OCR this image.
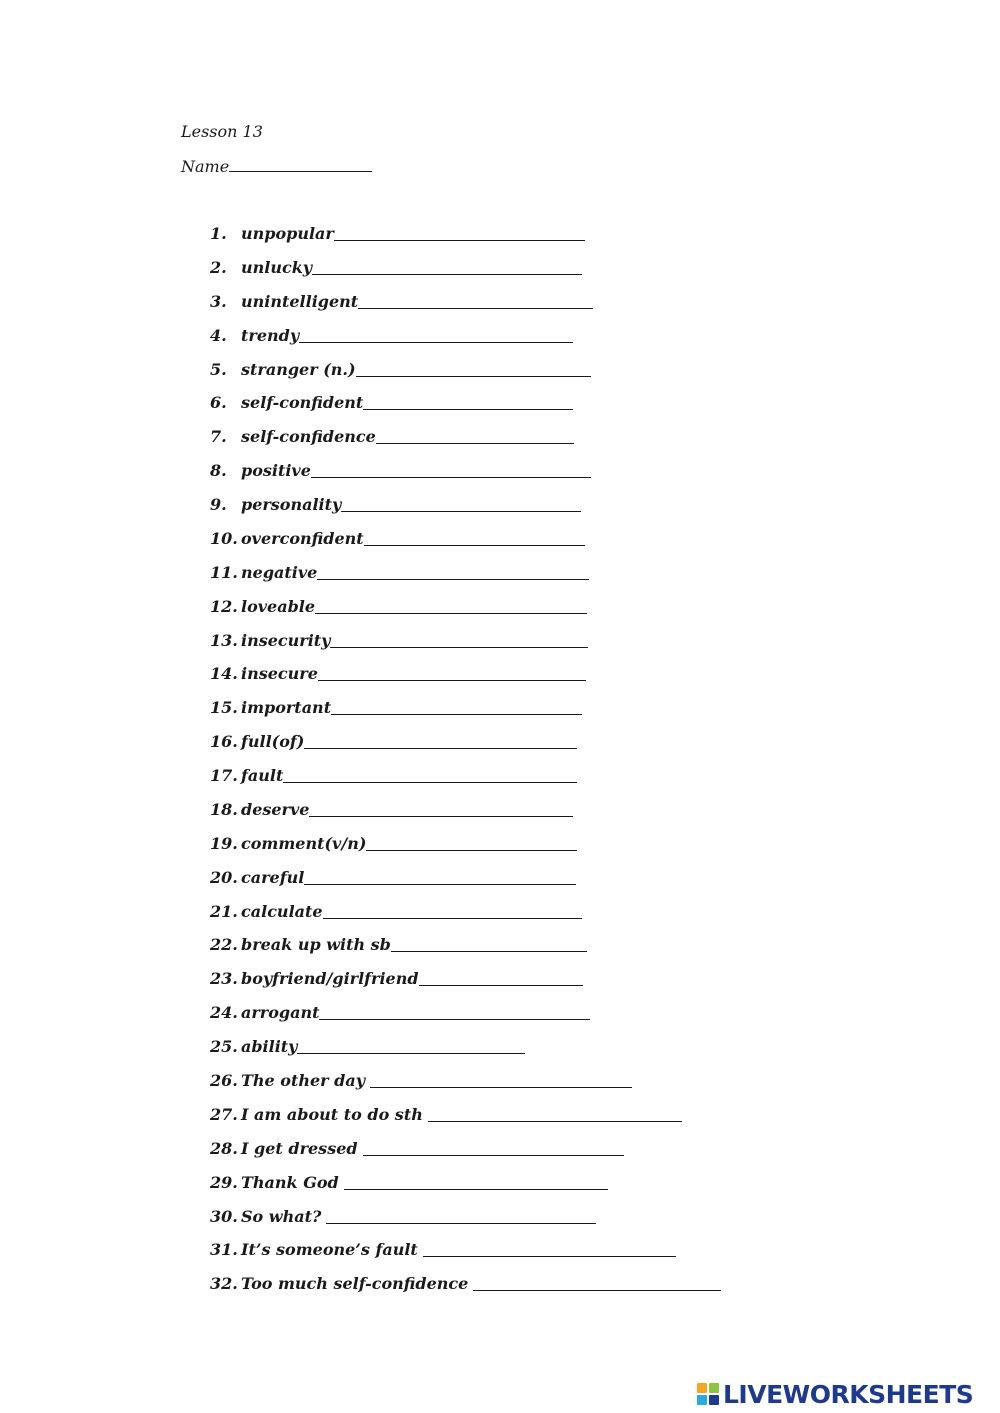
Lesson 13
Name
1. unpopular
2. unlucky
3. unintelligent
4. trendy
5. stranger (n.)
6. self-confident
7. self-confidence
8. positive
9. personality
10. overconfident
11. negative
12. loveable
13. insecurity
14. insecure
15. important
16. full(of)
17. fault
18. deserve
19. comment(v/n)
20. careful
21. calculate
22. break up with sb
23. boyfriend/girlfriend
24. arrogant
25. ability
26. The other day
27. I am about to do sth
28. I get dressed
29. Thank God
30. So what?
31. It’s someone’s fault
32. Too much self-confidence
LIVEWORKSHEETS
